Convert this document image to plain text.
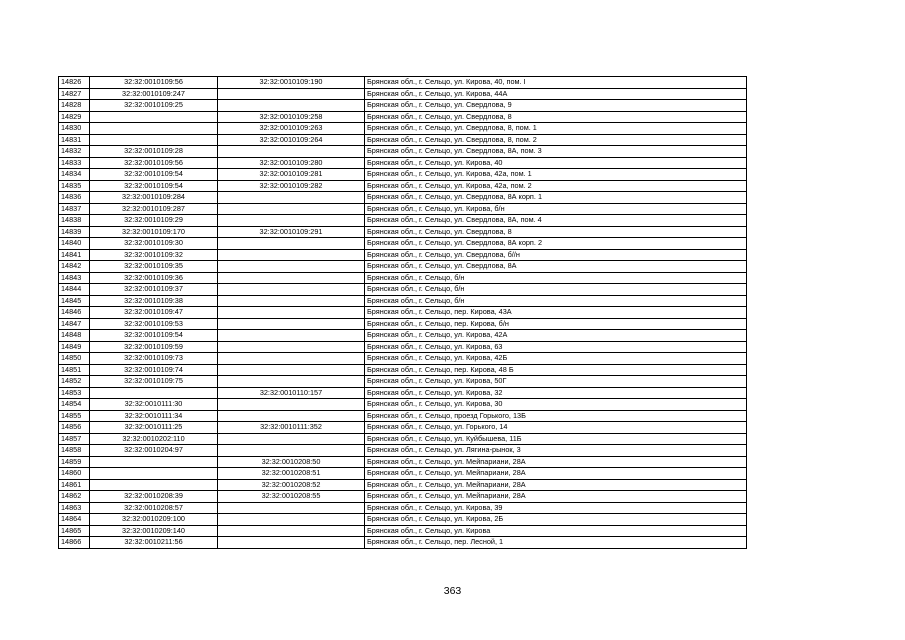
14826	32:32:0010109:56	32:32:0010109:190	Брянская обл., г. Сельцо, ул. Кирова, 40, пом. I
14827	32:32:0010109:247		Брянская обл., г. Сельцо, ул. Кирова, 44А
14828	32:32:0010109:25		Брянская обл., г. Сельцо, ул. Свердлова, 9
14829		32:32:0010109:258	Брянская обл., г. Сельцо, ул. Свердлова, 8
14830		32:32:0010109:263	Брянская обл., г. Сельцо, ул. Свердлова, 8, пом. 1
14831		32:32:0010109:264	Брянская обл., г. Сельцо, ул. Свердлова, 8, пом. 2
14832	32:32:0010109:28		Брянская обл., г. Сельцо, ул. Свердлова, 8А, пом. 3
14833	32:32:0010109:56	32:32:0010109:280	Брянская обл., г. Сельцо, ул. Кирова, 40
14834	32:32:0010109:54	32:32:0010109:281	Брянская обл., г. Сельцо, ул. Кирова, 42а, пом. 1
14835	32:32:0010109:54	32:32:0010109:282	Брянская обл., г. Сельцо, ул. Кирова, 42а, пом. 2
14836	32:32:0010109:284		Брянская обл., г. Сельцо, ул. Свердлова, 8А корп. 1
14837	32:32:0010109:287		Брянская обл., г. Сельцо, ул. Кирова, б/н
14838	32:32:0010109:29		Брянская обл., г. Сельцо, ул. Свердлова, 8А, пом. 4
14839	32:32:0010109:170	32:32:0010109:291	Брянская обл., г. Сельцо, ул. Свердлова, 8
14840	32:32:0010109:30		Брянская обл., г. Сельцо, ул. Свердлова, 8А корп. 2
14841	32:32:0010109:32		Брянская обл., г. Сельцо, ул. Свердлова, б//н
14842	32:32:0010109:35		Брянская обл., г. Сельцо, ул. Свердлова, 8А
14843	32:32:0010109:36		Брянская обл., г. Сельцо, б/н
14844	32:32:0010109:37		Брянская обл., г. Сельцо, б/н
14845	32:32:0010109:38		Брянская обл., г. Сельцо, б/н
14846	32:32:0010109:47		Брянская обл., г. Сельцо, пер. Кирова, 43А
14847	32:32:0010109:53		Брянская обл., г. Сельцо, пер. Кирова, б/н
14848	32:32:0010109:54		Брянская обл., г. Сельцо, ул. Кирова, 42А
14849	32:32:0010109:59		Брянская обл., г. Сельцо, ул. Кирова, 63
14850	32:32:0010109:73		Брянская обл., г. Сельцо, ул. Кирова, 42Б
14851	32:32:0010109:74		Брянская обл., г. Сельцо, пер. Кирова, 48 Б
14852	32:32:0010109:75		Брянская обл., г. Сельцо, ул. Кирова, 50Г
14853		32:32:0010110:157	Брянская обл., г. Сельцо, ул. Кирова, 32
14854	32:32:0010111:30		Брянская обл., г. Сельцо, ул. Кирова, 30
14855	32:32:0010111:34		Брянская обл., г. Сельцо, проезд Горького, 13Б
14856	32:32:0010111:25	32:32:0010111:352	Брянская обл., г. Сельцо, ул. Горького, 14
14857	32:32:0010202:110		Брянская обл., г. Сельцо, ул. Куйбышева, 11Б
14858	32:32:0010204:97		Брянская обл., г. Сельцо, ул. Лягина-рынок, 3
14859		32:32:0010208:50	Брянская обл., г. Сельцо, ул. Мейпариани, 28А
14860		32:32:0010208:51	Брянская обл., г. Сельцо, ул. Мейпариани, 28А
14861		32:32:0010208:52	Брянская обл., г. Сельцо, ул. Мейпариани, 28А
14862	32:32:0010208:39	32:32:0010208:55	Брянская обл., г. Сельцо, ул. Мейпариани, 28А
14863	32:32:0010208:57		Брянская обл., г. Сельцо, ул. Кирова, 39
14864	32:32:0010209:100		Брянская обл., г. Сельцо, ул. Кирова, 2Б
14865	32:32:0010209:140		Брянская обл., г. Сельцо, ул. Кирова
14866	32:32:0010211:56		Брянская обл., г. Сельцо, пер. Лесной, 1
363
